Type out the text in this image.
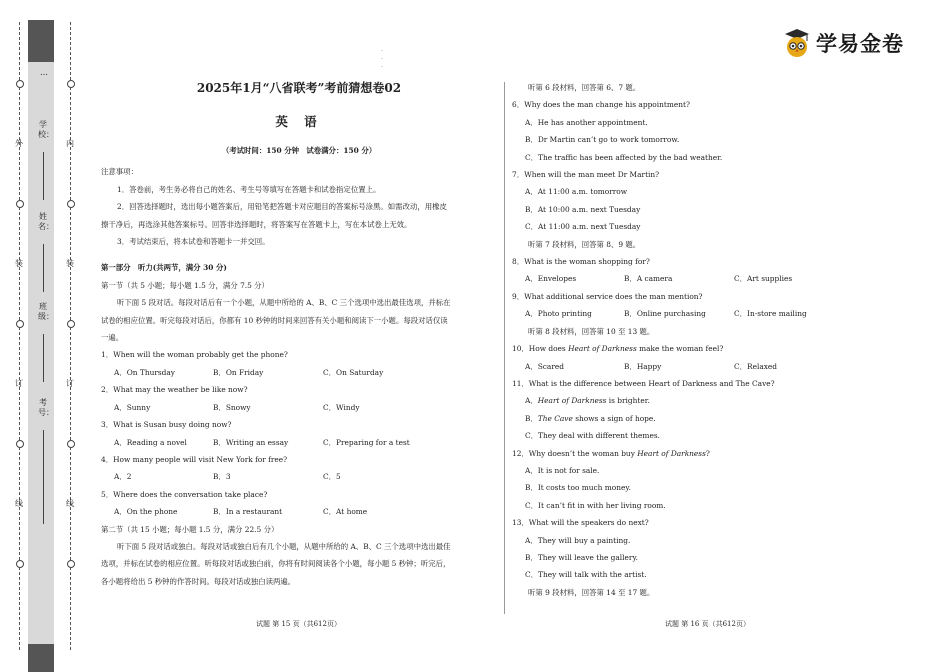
外
装
订
线
内
装
订
线
…
学校：
姓名：
班级：
考号：
·
·
·
学易金卷

2025年1月“八省联考”考前猜想卷02

英 语

（考试时间：150 分钟　试卷满分：150 分）

注意事项：

1．答卷前，考生务必将自己的姓名、考生号等填写在答题卡和试卷指定位置上。

2．回答选择题时，选出每小题答案后，用铅笔把答题卡对应题目的答案标号涂黑。如需改动，用橡皮

擦干净后，再选涂其他答案标号。回答非选择题时，将答案写在答题卡上，写在本试卷上无效。

3．考试结束后，将本试卷和答题卡一并交回。

第一部分　听力(共两节，满分 30 分)

第一节（共 5 小题；每小题 1.5 分，满分 7.5 分）

听下面 5 段对话。每段对话后有一个小题，从题中所给的 A、B、C 三个选项中选出最佳选项，并标在

试卷的相应位置。听完每段对话后，你都有 10 秒钟的时间来回答有关小题和阅读下一小题。每段对话仅读

一遍。

1．When will the woman probably get the phone?

A．On Thursday	B．On Friday	C．On Saturday

2．What may the weather be like now?

A．Sunny	B．Snowy	C．Windy

3．What is Susan busy doing now?

A．Reading a novel	B．Writing an essay	C．Preparing for a test

4．How many people will visit New York for free?

A．2	B．3	C．5

5．Where does the conversation take place?

A．On the phone	B．In a restaurant	C．At home

第二节（共 15 小题；每小题 1.5 分，满分 22.5 分）

听下面 5 段对话或独白。每段对话或独白后有几个小题，从题中所给的 A、B、C 三个选项中选出最佳

选项，并标在试卷的相应位置。听每段对话或独白前，你将有时间阅读各个小题，每小题 5 秒钟；听完后，

各小题将给出 5 秒钟的作答时间。每段对话或独白读两遍。

听第 6 段材料，回答第 6、7 题。

6．Why does the man change his appointment?

A．He has another appointment.

B．Dr Martin can’t go to work tomorrow.

C．The traffic has been affected by the bad weather.

7．When will the man meet Dr Martin?

A．At 11:00 a.m. tomorrow

B．At 10:00 a.m. next Tuesday

C．At 11:00 a.m. next Tuesday

听第 7 段材料，回答第 8、9 题。

8．What is the woman shopping for?

A．Envelopes	B．A camera	C．Art supplies

9．What additional service does the man mention?

A．Photo printing	B．Online purchasing	C．In-store mailing

听第 8 段材料，回答第 10 至 13 题。

10．How does Heart of Darkness make the woman feel?

A．Scared	B．Happy	C．Relaxed

11．What is the difference between Heart of Darkness and The Cave?

A．Heart of Darkness is brighter.

B．The Cave shows a sign of hope.

C．They deal with different themes.

12．Why doesn’t the woman buy Heart of Darkness?

A．It is not for sale.

B．It costs too much money.

C．It can’t fit in with her living room.

13．What will the speakers do next?

A．They will buy a painting.

B．They will leave the gallery.

C．They will talk with the artist.

听第 9 段材料，回答第 14 至 17 题。

试题 第 15 页（共612页）	试题 第 16 页（共612页）
